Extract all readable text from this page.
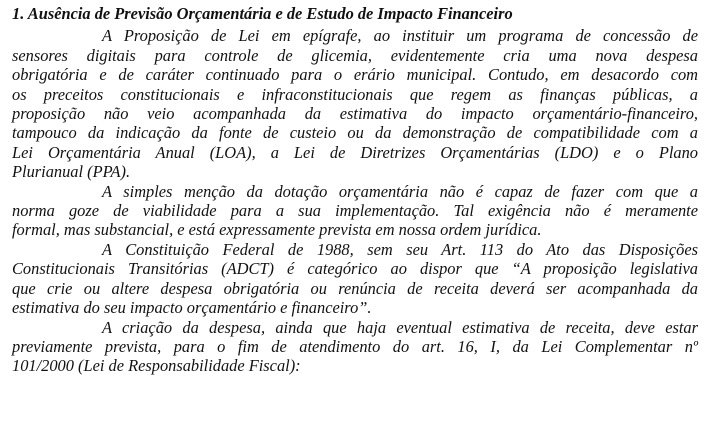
1. Ausência de Previsão Orçamentária e de Estudo de Impacto Financeiro

A Proposição de Lei em epígrafe, ao instituir um programa de concessão de
sensores digitais para controle de glicemia, evidentemente cria uma nova despesa
obrigatória e de caráter continuado para o erário municipal. Contudo, em desacordo com
os preceitos constitucionais e infraconstitucionais que regem as finanças públicas, a
proposição não veio acompanhada da estimativa do impacto orçamentário-financeiro,
tampouco da indicação da fonte de custeio ou da demonstração de compatibilidade com a
Lei Orçamentária Anual (LOA), a Lei de Diretrizes Orçamentárias (LDO) e o Plano
Plurianual (PPA).

A simples menção da dotação orçamentária não é capaz de fazer com que a
norma goze de viabilidade para a sua implementação. Tal exigência não é meramente
formal, mas substancial, e está expressamente prevista em nossa ordem jurídica.

A Constituição Federal de 1988, sem seu Art. 113 do Ato das Disposições
Constitucionais Transitórias (ADCT) é categórico ao dispor que “A proposição legislativa
que crie ou altere despesa obrigatória ou renúncia de receita deverá ser acompanhada da
estimativa do seu impacto orçamentário e financeiro”.

A criação da despesa, ainda que haja eventual estimativa de receita, deve estar
previamente prevista, para o fim de atendimento do art. 16, I, da Lei Complementar nº
101/2000 (Lei de Responsabilidade Fiscal):
